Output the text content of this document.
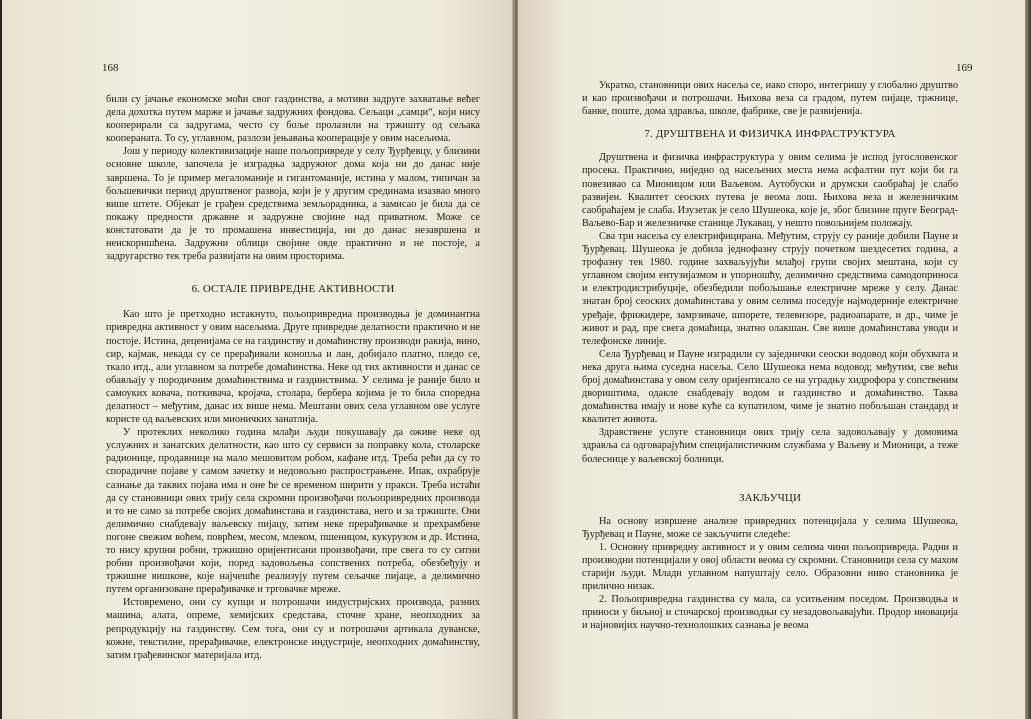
168

били су јачање економске моћи свог газдинства, а мотиви задруге захватање већег дела дохотка путем марже и јачање задружних фондова. Сељаци „самци“, који нису кооперирали са задругама, често су боље пролазили на тржишту од сељака коопераната. То су, углавном, разлози јењавања кооперације у овим насељима.

Још у периоду колективизације наше пољопривреде у селу Ђурђевцу, у близини основне школе, започела је изградња задружног дома која ни до данас није завршена. То је пример мегаломаније и гигантоманије, истина у малом, типичан за бољшевички период друштвеног развоја, који је у другим срединама изазвао много више штете. Објекат је грађен средствима земљорадника, а замисао је била да се покажу предности државне и задружне својине над приватном. Може се констатовати да је то промашена инвестиција, ни до данас незавршена и неискоришћена. Задружни облици својине овде практично и не постоје, а задругарство тек треба развијати на овим просторима.

6. ОСТАЛЕ ПРИВРЕДНЕ АКТИВНОСТИ

Као што је претходно истакнуто, пољопривредна производња је доминантна привредна активност у овим насељима. Друге привредне делатности практично и не постоје. Истина, деценијама се на газдинству и домаћинству производи ракија, вино, сир, кајмак, некада су се прерађивали конопља и лан, добијало платно, пледо се, ткало итд., али углавном за потребе домаћинства. Неке од тих активности и данас се обављају у породичним домаћинствима и газдинствима. У селима је раније било и самоуких ковача, поткивача, кројача, столара, бербера којима је то била споредна делатност – међутим, данас их више нема. Мештани ових села углавном ове услуге користе од ваљевских или мионичких занатлија.

У протеклих неколико година млађи људи покушавају да оживе неке од услужних и занатских делатности, као што су сервиси за поправку кола, столарске радионице, продавнице на мало мешовитом робом, кафане итд. Треба рећи да су то спорадичне појаве у самом зачетку и недовољно распрострањене. Ипак, охрабрује сазнање да таквих појава има и оне ће се временом ширити у пракси. Треба истаћи да су становници ових трију села скромни произвођачи пољопривредних производа и то не само за потребе својих домаћинстава и газдинстава, него и за тржиште. Они делимично снабдевају ваљевску пијацу, затим неке прерађивачке и прехрамбене погоне свежим воћем, поврћем, месом, млеком, пшеницом, кукурузом и др. Истина, то нису крупни робни, тржишно оријентисани произвођачи, пре свега то су ситни робни произвођачи који, поред задовољења сопствених потреба, обезбеђују и тржишне вишкове, које најчешће реализују путем сељачке пијаце, а делимично путем организоване прерађивачке и трговачке мреже.

Истовремено, они су купци и потрошачи индустријских производа, разних машина, алата, опреме, хемијских средстава, сточне хране, неопходних за репродукцију на газдинству. Сем тога, они су и потрошачи артикала дуванске, кожне, текстилне, прерађивачке, електронске индустрије, неопходних домаћинству, затим грађевинског материјала итд.

169

Укратко, становници ових насеља се, иако споро, интегришу у глобално друштво и као произвођачи и потрошачи. Њихова веза са градом, путем пијаце, тржнице, банке, поште, дома здравља, школе, фабрике, све је развијенија.

7. ДРУШТВЕНА И ФИЗИЧКА ИНФРАСТРУКТУРА

Друштвена и физичка инфраструктура у овим селима је испод југословенског просека. Практично, ниједно од насељених места нема асфалтни пут који би га повезивао са Мионицом или Ваљевом. Аутобуски и друмски саобраћај је слабо развијен. Квалитет сеоских путева је веома лош. Њихова веза и железничким саобраћајем је слаба. Изузетак је село Шушеока, које је, због близине пруге Београд-Ваљево-Бар и железничке станице Лукавац, у нешто повољнијем положају.

Сва три насеља су електрифицирана. Међутим, струју су раније добили Пауне и Ђурђевац. Шушеока је добила једнофазну струју почетком шездесетих година, а трофазну тек 1980. године захваљујући млађој групи својих мештана, који су углавном својим ентузијазмом и упорношћу, делимично средствима самодоприноса и електродистрибуције, обезбедили побољшање електричне мреже у селу. Данас знатан број сеоских домаћинстава у овим селима поседује најмодерније електричне уређаје, фрижидере, замрзиваче, шпорете, телевизоре, радиоапарате, и др., чиме је живот и рад, пре свега домаћица, знатно олакшан. Све више домаћинстава уводи и телефонске линије.

Села Ђурђевац и Пауне изградили су заједнички сеоски водовод који обухвата и нека друга њима суседна насеља. Село Шушеока нема водовод; међутим, све већи број домаћинстава у овом селу оријентисало се на уградњу хидрофора у сопственим двориштима, одакле снабдевају водом и газдинство и домаћинство. Таква домаћинства имају и нове куће са купатилом, чиме је знатно побољшан стандард и квалитет живота.

Здравствене услуге становници ових трију села задовољавају у домовима здравља са одговарајућим специјалистичким службама у Ваљеву и Мионици, а теже болеснице у ваљевској болници.

ЗАКЉУЧЦИ

На основу извршене анализе привредних потенцијала у селима Шушеока, Ђурђевац и Пауне, може се закључити следеће:

1. Основну привредну активност и у овим селима чини пољопривреда. Радни и производни потенцијали у овој области веома су скромни. Становници села су махом старији људи. Млади углавном напуштају село. Образовни ниво становника је прилично низак.

2. Пољопривредна газдинства су мала, са уситњеним поседом. Производња и приноси у биљној и сточарској производњи су незадовољавајући. Продор иновација и најновијих научно-технолошких сазнања је веома
